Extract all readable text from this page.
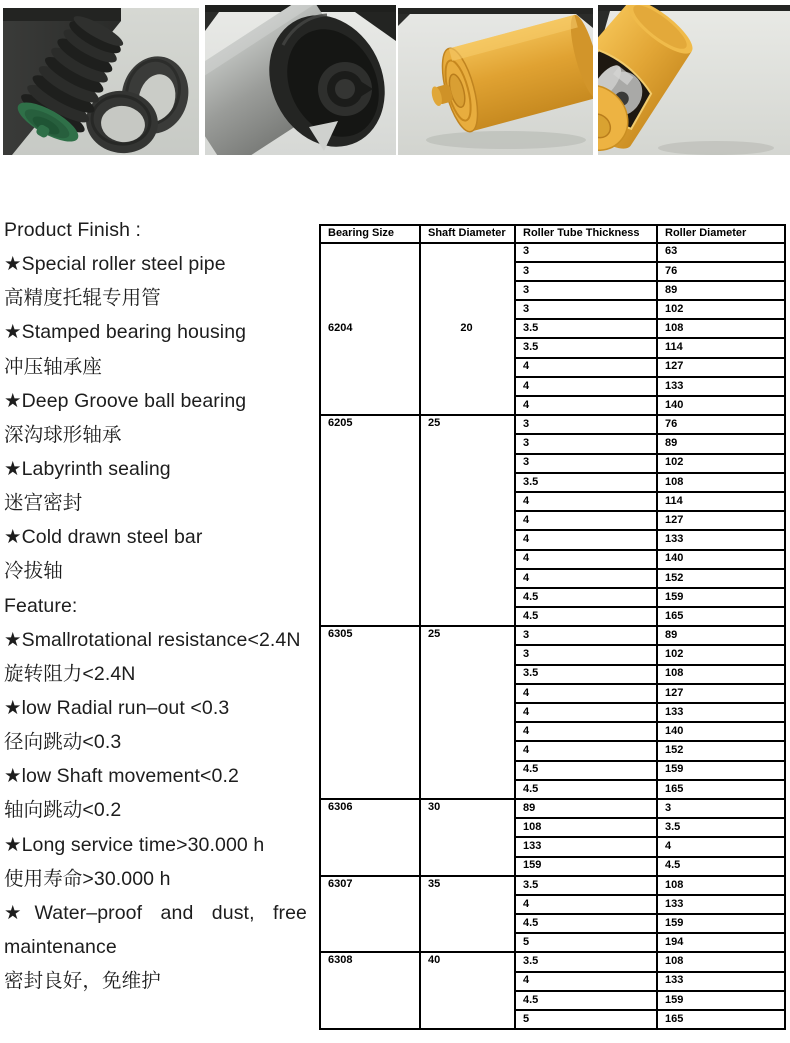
Product Finish :
★Special roller steel pipe
高精度托辊专用管
★Stamped bearing housing
冲压轴承座
★Deep Groove ball bearing
深沟球形轴承
★Labyrinth sealing
迷宫密封
★Cold drawn steel bar
冷拔轴
Feature:
★Smallrotational resistance<2.4N
旋转阻力<2.4N
★low Radial run–out <0.3
径向跳动<0.3
★low Shaft movement<0.2
轴向跳动<0.2
★Long service time>30.000 h
使用寿命>30.000 h
★Water–proof and dust, free
maintenance
密封良好，免维护
Bearing Size	Shaft Diameter	Roller Tube Thickness	Roller Diameter
6204	20	3	63
		3	76
		3	89
		3	102
		3.5	108
		3.5	114
		4	127
		4	133
		4	140
6205	25	3	76
		3	89
		3	102
		3.5	108
		4	114
		4	127
		4	133
		4	140
		4	152
		4.5	159
		4.5	165
6305	25	3	89
		3	102
		3.5	108
		4	127
		4	133
		4	140
		4	152
		4.5	159
		4.5	165
6306	30	89	3
		108	3.5
		133	4
		159	4.5
6307	35	3.5	108
		4	133
		4.5	159
		5	194
6308	40	3.5	108
		4	133
		4.5	159
		5	165
